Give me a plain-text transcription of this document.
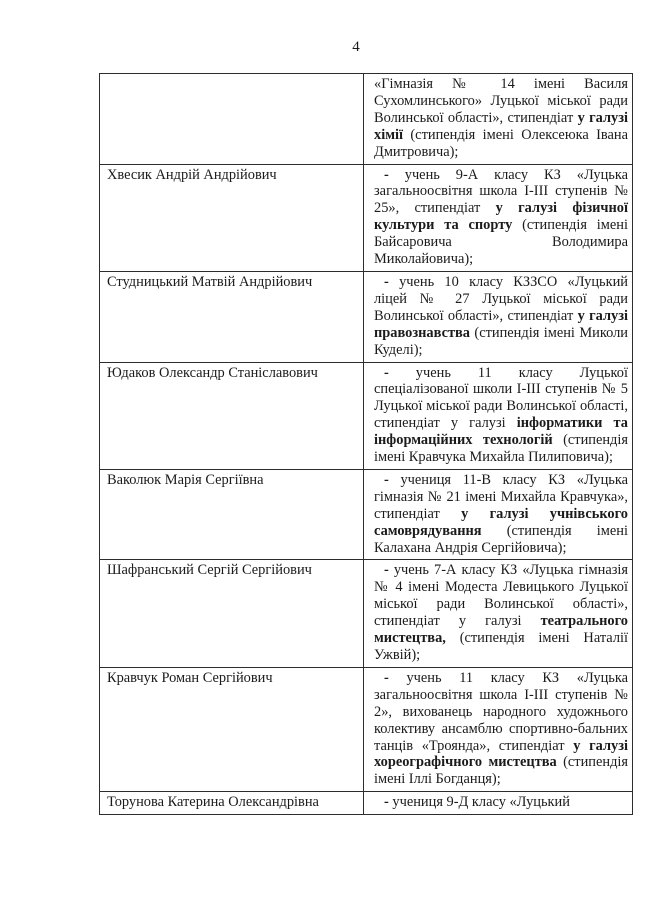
4

	«Гімназія № 14 імені Василя Сухомлинського» Луцької міської ради Волинської області», стипендіат у галузі хімії (стипендія імені Олексеюка Івана Дмитровича);

Хвесик Андрій Андрійович	- учень 9-А класу КЗ «Луцька загальноосвітня школа І-ІІІ ступенів № 25», стипендіат у галузі фізичної культури та спорту (стипендія імені Байсаровича Володимира Миколайовича);

Студницький Матвій Андрійович	- учень 10 класу КЗЗСО «Луцький ліцей № 27 Луцької міської ради Волинської області», стипендіат у галузі правознавства (стипендія імені Миколи Куделі);

Юдаков Олександр Станіславович	- учень 11 класу Луцької спеціалізованої школи І-ІІІ ступенів № 5 Луцької міської ради Волинської області, стипендіат у галузі інформатики та інформаційних технологій (стипендія імені Кравчука Михайла Пилиповича);

Ваколюк Марія Сергіївна	- учениця 11-В класу КЗ «Луцька гімназія № 21 імені Михайла Кравчука», стипендіат у галузі учнівського самоврядування (стипендія імені Калахана Андрія Сергійовича);

Шафранський Сергій Сергійович	- учень 7-А класу КЗ «Луцька гімназія № 4 імені Модеста Левицького Луцької міської ради Волинської області», стипендіат у галузі театрального мистецтва, (стипендія імені Наталії Ужвій);

Кравчук Роман Сергійович	- учень 11 класу КЗ «Луцька загальноосвітня школа І-ІІІ ступенів № 2», вихованець народного художнього колективу ансамблю спортивно-бальних танців «Троянда», стипендіат у галузі хореографічного мистецтва (стипендія імені Іллі Богданця);

Торунова Катерина Олександрівна	- учениця 9-Д класу «Луцький
